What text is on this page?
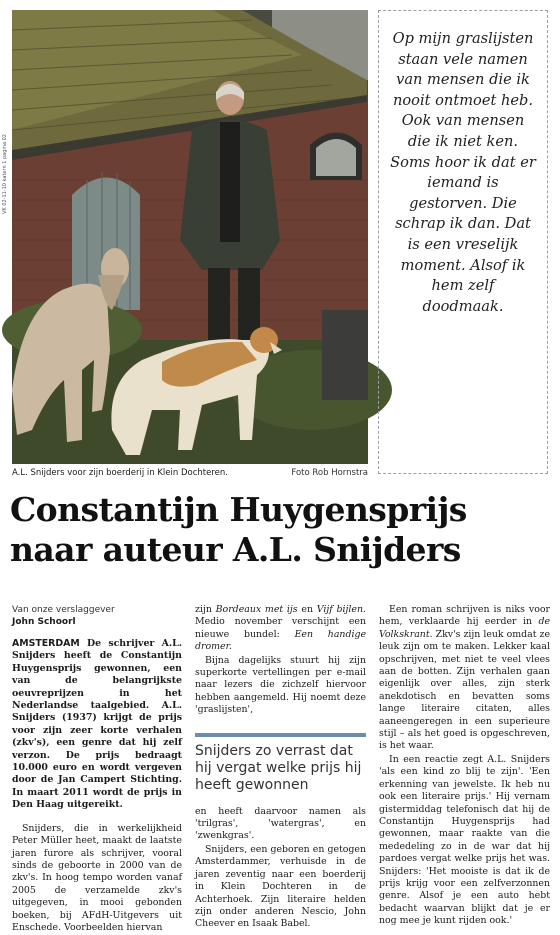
VK 02-11-10 katern 1 pagina 02
A.L. Snijders voor zijn boerderij in Klein Dochteren.	Foto Rob Hornstra
Op mijn graslijsten staan vele namen van mensen die ik nooit ontmoet heb. Ook van mensen die ik niet ken. Soms hoor ik dat er iemand is gestorven. Die schrap ik dan. Dat is een vreselijk moment. Alsof ik hem zelf doodmaak.
Constantijn Huygensprijs
naar auteur A.L. Snijders
Van onze verslaggever
John Schoorl

AMSTERDAM De schrijver A.L. Snijders heeft de Constantijn Huygensprijs gewonnen, een van de belangrijkste oeuvreprijzen in het Nederlandse taalgebied. A.L. Snijders (1937) krijgt de prijs voor zijn zeer korte verhalen (zkv's), een genre dat hij zelf verzon. De prijs bedraagt 10.000 euro en wordt vergeven door de Jan Campert Stichting. In maart 2011 wordt de prijs in Den Haag uitgereikt.

Snijders, die in werkelijkheid Peter Müller heet, maakt de laatste jaren furore als schrijver, vooral sinds de geboorte in 2000 van de zkv's. In hoog tempo worden vanaf 2005 de verzamelde zkv's uitgegeven, in mooi gebonden boeken, bij AFdH-Uitgevers uit Enschede. Voorbeelden hiervan

zijn Bordeaux met ijs en Vijf bijlen. Medio november verschijnt een nieuwe bundel: Een handige dromer.

Bijna dagelijks stuurt hij zijn superkorte vertellingen per e-mail naar lezers die zichzelf hiervoor hebben aangemeld. Hij noemt deze 'graslijsten',

Snijders zo verrast dat hij vergat welke prijs hij heeft gewonnen

en heeft daarvoor namen als 'trilgras', 'watergras', en 'zwenkgras'.

Snijders, een geboren en getogen Amsterdammer, verhuisde in de jaren zeventig naar een boerderij in Klein Dochteren in de Achterhoek. Zijn literaire helden zijn onder anderen Nescio, John Cheever en Isaak Babel.

Een roman schrijven is niks voor hem, verklaarde hij eerder in de Volkskrant. Zkv's zijn leuk omdat ze leuk zijn om te maken. Lekker kaal opschrijven, met niet te veel vlees aan de botten. Zijn verhalen gaan eigenlijk over alles, zijn sterk anekdotisch en bevatten soms lange literaire citaten, alles aaneengeregen in een superieure stijl – als het goed is opgeschreven, is het waar.

In een reactie zegt A.L. Snijders 'als een kind zo blij te zijn'. 'Een erkenning van jewelste. Ik heb nu ook een literaire prijs.' Hij vernam gistermiddag telefonisch dat hij de Constantijn Huygensprijs had gewonnen, maar raakte van die mededeling zo in de war dat hij pardoes vergat welke prijs het was. Snijders: 'Het mooiste is dat ik de prijs krijg voor een zelfverzonnen genre. Alsof je een auto hebt bedacht waarvan blijkt dat je er nog mee je kunt rijden ook.'
